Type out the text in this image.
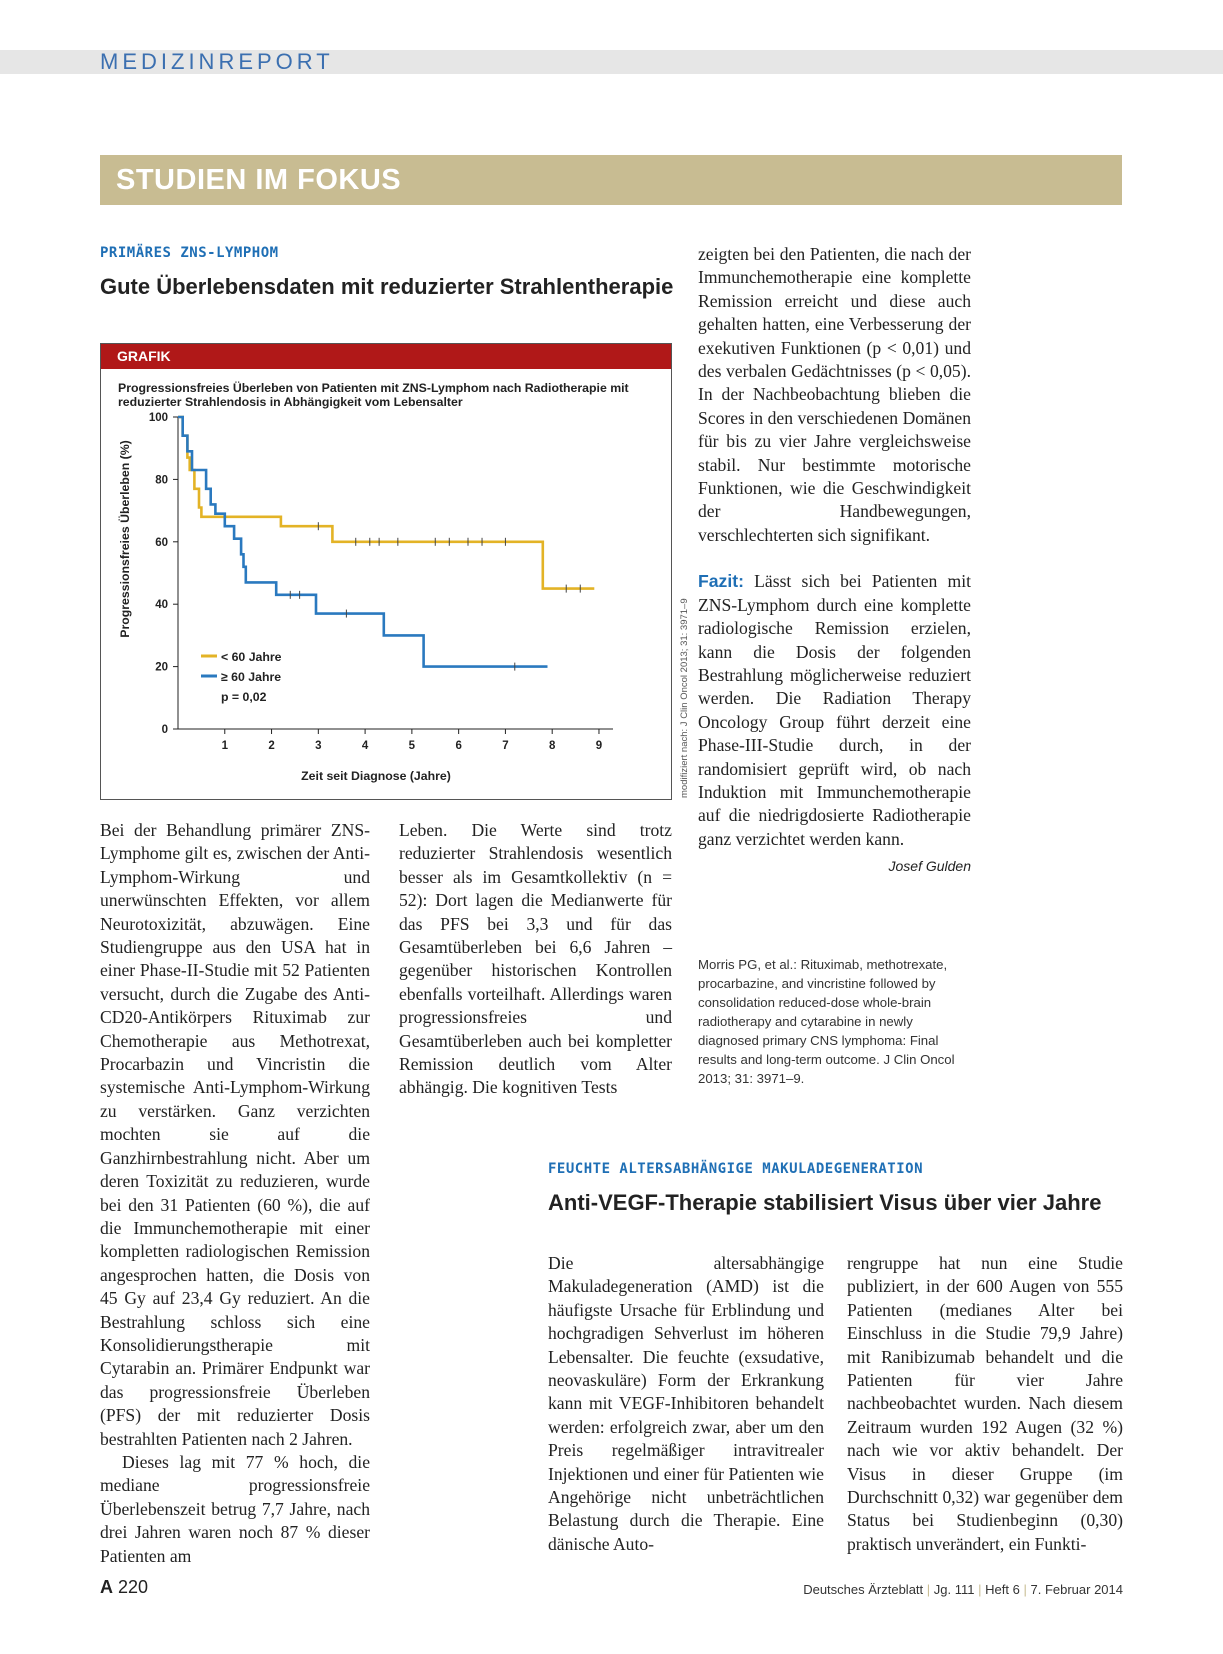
MEDIZINREPORT
STUDIEN IM FOKUS
PRIMÄRES ZNS-LYMPHOM
Gute Überlebensdaten mit reduzierter Strahlentherapie
GRAFIK
Progressionsfreies Überleben von Patienten mit ZNS-Lymphom nach Radiotherapie mit reduzierter Strahlendosis in Abhängigkeit vom Lebensalter
0
20
40
60
80
100
1	2	3	4	5	6	7	8	9
Progressionsfreies Überleben (%)
Zeit seit Diagnose (Jahre)
< 60 Jahre
≥ 60 Jahre
p = 0,02	modifiziert nach: J Clin Oncol 2013; 31: 3971–9

Bei der Behandlung primärer ZNS-Lymphome gilt es, zwischen der Anti-Lymphom-Wirkung und unerwünschten Effekten, vor allem Neurotoxizität, abzuwägen. Eine Studiengruppe aus den USA hat in einer Phase-II-Studie mit 52 Patienten versucht, durch die Zugabe des Anti-CD20-Antikörpers Rituximab zur Chemotherapie aus Methotrexat, Procarbazin und Vincristin die systemische Anti-Lymphom-Wirkung zu verstärken. Ganz verzichten mochten sie auf die Ganzhirnbestrahlung nicht. Aber um deren Toxizität zu reduzieren, wurde bei den 31 Patienten (60 %), die auf die Immunchemotherapie mit einer kompletten radiologischen Remission angesprochen hatten, die Dosis von 45 Gy auf 23,4 Gy reduziert. An die Bestrahlung schloss sich eine Konsolidierungstherapie mit Cytarabin an. Primärer Endpunkt war das progressionsfreie Überleben (PFS) der mit reduzierter Dosis bestrahlten Patienten nach 2 Jahren.

Dieses lag mit 77 % hoch, die mediane progressionsfreie Überlebenszeit betrug 7,7 Jahre, nach drei Jahren waren noch 87 % dieser Patienten am

Leben. Die Werte sind trotz reduzierter Strahlendosis wesentlich besser als im Gesamtkollektiv (n = 52): Dort lagen die Medianwerte für das PFS bei 3,3 und für das Gesamtüberleben bei 6,6 Jahren – gegenüber historischen Kontrollen ebenfalls vorteilhaft. Allerdings waren progressionsfreies und Gesamtüberleben auch bei kompletter Remission deutlich vom Alter abhängig. Die kognitiven Tests

zeigten bei den Patienten, die nach der Immunchemotherapie eine komplette Remission erreicht und diese auch gehalten hatten, eine Verbesserung der exekutiven Funktionen (p < 0,01) und des verbalen Gedächtnisses (p < 0,05). In der Nachbeobachtung blieben die Scores in den verschiedenen Domänen für bis zu vier Jahre vergleichsweise stabil. Nur bestimmte motorische Funktionen, wie die Geschwindigkeit der Handbewegungen, verschlechterten sich signifikant.

Fazit: Lässt sich bei Patienten mit ZNS-Lymphom durch eine komplette radiologische Remission erzielen, kann die Dosis der folgenden Bestrahlung möglicherweise reduziert werden. Die Radiation Therapy Oncology Group führt derzeit eine Phase-III-Studie durch, in der randomisiert geprüft wird, ob nach Induktion mit Immunchemotherapie auf die niedrigdosierte Radiotherapie ganz verzichtet werden kann.

Josef Gulden
Morris PG, et al.: Rituximab, methotrexate, procarbazine, and vincristine followed by consolidation reduced-dose whole-brain radiotherapy and cytarabine in newly diagnosed primary CNS lymphoma: Final results and long-term outcome. J Clin Oncol 2013; 31: 3971–9.
FEUCHTE ALTERSABHÄNGIGE MAKULADEGENERATION
Anti-VEGF-Therapie stabilisiert Visus über vier Jahre

Die altersabhängige Makuladegeneration (AMD) ist die häufigste Ursache für Erblindung und hochgradigen Sehverlust im höheren Lebensalter. Die feuchte (exsudative, neovaskuläre) Form der Erkrankung kann mit VEGF-Inhibitoren behandelt werden: erfolgreich zwar, aber um den Preis regelmäßiger intravitrealer Injektionen und einer für Patienten wie Angehörige nicht unbeträchtlichen Belastung durch die Therapie. Eine dänische Auto-

rengruppe hat nun eine Studie publiziert, in der 600 Augen von 555 Patienten (medianes Alter bei Einschluss in die Studie 79,9 Jahre) mit Ranibizumab behandelt und die Patienten für vier Jahre nachbeobachtet wurden. Nach diesem Zeitraum wurden 192 Augen (32 %) nach wie vor aktiv behandelt. Der Visus in dieser Gruppe (im Durchschnitt 0,32) war gegenüber dem Status bei Studienbeginn (0,30) praktisch unverändert, ein Funkti-

A 220	Deutsches Ärzteblatt | Jg. 111 | Heft 6 | 7. Februar 2014
